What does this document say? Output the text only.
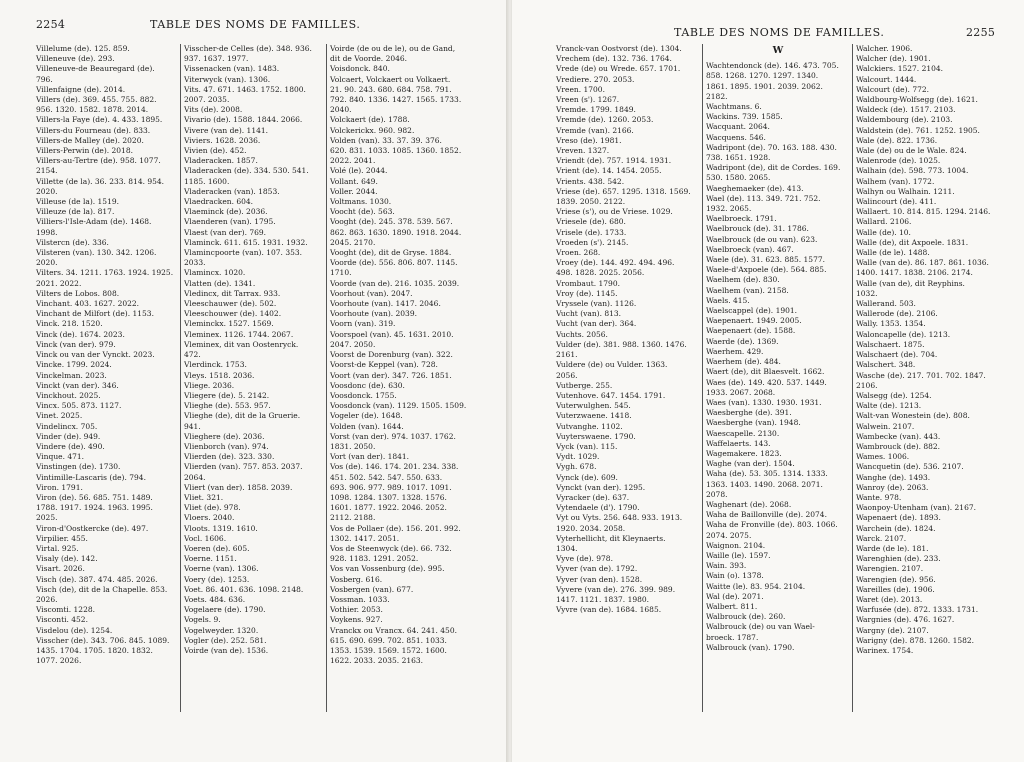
2254	TABLE DES NOMS DE FAMILLES.
Villelume (de). 125. 859.
Villeneuve (de). 293.
Villeneuve-de Beauregard (de).
796.
Villenfaigne (de). 2014.
Villers (de). 369. 455. 755. 882.
956. 1320. 1582. 1878. 2014.
Villers-la Faye (de). 4. 433. 1895.
Villers-du Fourneau (de). 833.
Villers-de Malley (de). 2020.
Villers-Perwin (de). 2018.
Villers-au-Tertre (de). 958. 1077.
2154.
Villette (de la). 36. 233. 814. 954.
2020.
Villeuse (de la). 1519.
Villeuze (de la). 817.
Villiers-l'Isle-Adam (de). 1468.
1998.
Vilstercn (de). 336.
Vilsteren (van). 130. 342. 1206.
2020.
Vilters. 34. 1211. 1763. 1924. 1925.
2021. 2022.
Vilters de Lobos. 808.
Vinchant. 403. 1627. 2022.
Vinchant de Milfort (de). 1153.
Vinck. 218. 1520.
Vinck (de). 1674. 2023.
Vinck (van der). 979.
Vinck ou van der Vynckt. 2023.
Vincke. 1799. 2024.
Vinckelman. 2023.
Vinckt (van der). 346.
Vinckhout. 2025.
Vincx. 505. 873. 1127.
Vinet. 2025.
Vindelincx. 705.
Vinder (de). 949.
Vindere (de). 490.
Vinque. 471.
Vinstingen (de). 1730.
Vintimille-Lascaris (de). 794.
Viron. 1791.
Viron (de). 56. 685. 751. 1489.
1788. 1917. 1924. 1963. 1995.
2025.
Viron-d'Oostkercke (de). 497.
Virpilier. 455.
Virtal. 925.
Visaly (de). 142.
Visart. 2026.
Visch (de). 387. 474. 485. 2026.
Visch (de), dit de la Chapelle. 853.
2026.
Viscomti. 1228.
Visconti. 452.
Visdelou (de). 1254.
Visscher (de). 343. 706. 845. 1089.
1435. 1704. 1705. 1820. 1832.
1077. 2026.
Visscher-de Celles (de). 348. 936.
937. 1637. 1977.
Vissenacken (van). 1483.
Viterwyck (van). 1306.
Vits. 47. 671. 1463. 1752. 1800.
2007. 2035.
Vits (de). 2008.
Vivario (de). 1588. 1844. 2066.
Vivere (van de). 1141.
Viviers. 1628. 2036.
Vivien (de). 452.
Vladeracken. 1857.
Vladeracken (de). 334. 530. 541.
1185. 1600.
Vladeracken (van). 1853.
Vlaedracken. 604.
Vlaeminck (de). 2036.
Vlaenderen (van). 1795.
Vlaest (van der). 769.
Vlaminck. 611. 615. 1931. 1932.
Vlamincpoorte (van). 107. 353.
2033.
Vlamincx. 1020.
Vlatten (de). 1341.
Vledincx, dit Tarrax. 933.
Vleeschauwer (de). 502.
Vleeschouwer (de). 1402.
Vleminckx. 1527. 1569.
Vleminex. 1126. 1744. 2067.
Vleminex, dit van Oostenryck.
472.
Vlerdinck. 1753.
Vleys. 1518. 2036.
Vliege. 2036.
Vliegere (de). 5. 2142.
Vlieghe (de). 553. 957.
Vlieghe (de), dit de la Gruerie.
941.
Vlieghere (de). 2036.
Vlienborch (van). 974.
Vlierden (de). 323. 330.
Vlierden (van). 757. 853. 2037.
2064.
Vliert (van der). 1858. 2039.
Vliet. 321.
Vliet (de). 978.
Vloers. 2040.
Vloots. 1319. 1610.
Vocl. 1606.
Voeren (de). 605.
Voerne. 1151.
Voerne (van). 1306.
Voery (de). 1253.
Voet. 86. 401. 636. 1098. 2148.
Voets. 484. 636.
Vogelaere (de). 1790.
Vogels. 9.
Vogelweyder. 1320.
Vogler (de). 252. 581.
Voirde (van de). 1536.
Voirde (de ou de le), ou de Gand,
dit de Voorde. 2046.
Voisdonck. 840.
Volcaert, Volckaert ou Volkaert.
21. 90. 243. 680. 684. 758. 791.
792. 840. 1336. 1427. 1565. 1733.
2040.
Volckaert (de). 1788.
Volckerickx. 960. 982.
Volden (van). 33. 37. 39. 376.
620. 831. 1033. 1085. 1360. 1852.
2022. 2041.
Volé (le). 2044.
Vollant. 649.
Voller. 2044.
Voltmans. 1030.
Voocht (de). 563.
Vooght (de). 245. 378. 539. 567.
862. 863. 1630. 1890. 1918. 2044.
2045. 2170.
Vooght (de), dit de Gryse. 1884.
Voorde (de). 556. 806. 807. 1145.
1710.
Voorde (van de). 216. 1035. 2039.
Voorhout (van). 2047.
Voorhoute (van). 1417. 2046.
Voorhoute (van). 2039.
Voorn (van). 319.
Voorspoel (van). 45. 1631. 2010.
2047. 2050.
Voorst de Dorenburg (van). 322.
Voorst-de Keppel (van). 728.
Voort (van der). 347. 726. 1851.
Voosdonc (de). 630.
Voosdonck. 1755.
Voosdonck (van). 1129. 1505. 1509.
Vogeler (de). 1648.
Volden (van). 1644.
Vorst (van der). 974. 1037. 1762.
1831. 2050.
Vort (van der). 1841.
Vos (de). 146. 174. 201. 234. 338.
451. 502. 542. 547. 550. 633.
693. 906. 977. 989. 1017. 1091.
1098. 1284. 1307. 1328. 1576.
1601. 1877. 1922. 2046. 2052.
2112. 2188.
Vos de Pollaer (de). 156. 201. 992.
1302. 1417. 2051.
Vos de Steenwyck (de). 66. 732.
928. 1183. 1291. 2052.
Vos van Vossenburg (de). 995.
Vosberg. 616.
Vosbergen (van). 677.
Vossman. 1033.
Vothier. 2053.
Voykens. 927.
Vranckx ou Vrancx. 64. 241. 450.
615. 690. 699. 702. 851. 1033.
1353. 1539. 1569. 1572. 1600.
1622. 2033. 2035. 2163.
TABLE DES NOMS DE FAMILLES.	2255
Vranck-van Oostvorst (de). 1304.
Vrechem (de). 132. 736. 1764.
Vrede (de) ou Wrede. 657. 1701.
Vrediere. 270. 2053.
Vreen. 1700.
Vreen (s'). 1267.
Vremde. 1799. 1849.
Vremde (de). 1260. 2053.
Vremde (van). 2166.
Vreso (de). 1981.
Vreven. 1327.
Vriendt (de). 757. 1914. 1931.
Vrient (de). 14. 1454. 2055.
Vrients. 438. 542.
Vriese (de). 657. 1295. 1318. 1569.
1839. 2050. 2122.
Vriese (s'), ou de Vriese. 1029.
Vriesele (de). 680.
Vrisele (de). 1733.
Vroeden (s'). 2145.
Vroen. 268.
Vroey (de). 144. 492. 494. 496.
498. 1828. 2025. 2056.
Vrombaut. 1790.
Vroy (de). 1145.
Vryssele (van). 1126.
Vucht (van). 813.
Vucht (van der). 364.
Vuchts. 2056.
Vulder (de). 381. 988. 1360. 1476.
2161.
Vuldere (de) ou Vulder. 1363.
2056.
Vutberge. 255.
Vutenhove. 647. 1454. 1791.
Vuterwulghen. 545.
Vuterzwaene. 1418.
Vutvanghe. 1102.
Vuyterswaene. 1790.
Vyck (van). 115.
Vydt. 1029.
Vygh. 678.
Vynck (de). 609.
Vynckt (van der). 1295.
Vyracker (de). 637.
Vytendaele (d'). 1790.
Vyt ou Vyts. 256. 648. 933. 1913.
1920. 2034. 2058.
Vyterhellicht, dit Kleynaerts.
1304.
Vyve (de). 978.
Vyver (van de). 1792.
Vyver (van den). 1528.
Vyvere (van de). 276. 399. 989.
1417. 1121. 1837. 1980.
Vyvre (van de). 1684. 1685.
W
Wachtendonck (de). 146. 473. 705.
858. 1268. 1270. 1297. 1340.
1861. 1895. 1901. 2039. 2062.
2182.
Wachtmans. 6.
Wackins. 739. 1585.
Wacquant. 2064.
Wacquens. 546.
Wadripont (de). 70. 163. 188. 430.
738. 1651. 1928.
Wadripont (de), dit de Cordes. 169.
530. 1580. 2065.
Waeghemaeker (de). 413.
Wael (de). 113. 349. 721. 752.
1932. 2065.
Waelbroeck. 1791.
Waelbrouck (de). 31. 1786.
Waelbrouck (de ou van). 623.
Waelbroeck (van). 467.
Waele (de). 31. 623. 885. 1577.
Waele-d'Axpoele (de). 564. 885.
Waelhem (de). 830.
Waelhem (van). 2158.
Waels. 415.
Waelscappel (de). 1901.
Waepenaert. 1949. 2005.
Waepenaert (de). 1588.
Waerde (de). 1369.
Waerhem. 429.
Waerhem (de). 484.
Waert (de), dit Blaesvelt. 1662.
Waes (de). 149. 420. 537. 1449.
1933. 2067. 2068.
Waes (van). 1330. 1930. 1931.
Waesberghe (de). 391.
Waesberghe (van). 1948.
Waescapelle. 2130.
Waffelaerts. 143.
Wagemakere. 1823.
Waghe (van der). 1504.
Waha (de). 53. 305. 1314. 1333.
1363. 1403. 1490. 2068. 2071.
2078.
Waghenart (de). 2068.
Waha de Baillonville (de). 2074.
Waha de Fronville (de). 803. 1066.
2074. 2075.
Waignon. 2104.
Waille (le). 1597.
Wain. 393.
Wain (o). 1378.
Waitte (le). 83. 954. 2104.
Wal (de). 2071.
Walbert. 811.
Walbrouck (de). 260.
Walbrouck (de) ou van Wael-
broeck. 1787.
Walbrouck (van). 1790.
Walcher. 1906.
Walcher (de). 1901.
Walckiers. 1527. 2104.
Walcourt. 1444.
Walcourt (de). 772.
Waldbourg-Wolfsegg (de). 1621.
Waldeck (de). 1517. 2103.
Waldembourg (de). 2103.
Waldstein (de). 761. 1252. 1905.
Wale (de). 822. 1736.
Wale (de) ou de le Wale. 824.
Walenrode (de). 1025.
Walhain (de). 598. 773. 1004.
Walhem (van). 1772.
Walhyn ou Walhain. 1211.
Walincourt (de). 411.
Wallaert. 10. 814. 815. 1294. 2146.
Wallard. 2106.
Walle (de). 10.
Walle (de), dit Axpoele. 1831.
Walle (de le). 1488.
Walle (van de). 86. 187. 861. 1036.
1400. 1417. 1838. 2106. 2174.
Walle (van de), dit Reyphins.
1032.
Wallerand. 503.
Wallerode (de). 2106.
Wally. 1353. 1354.
Waloncapelle (de). 1213.
Walschaert. 1875.
Walschaert (de). 704.
Walschert. 348.
Wasche (de). 217. 701. 702. 1847.
2106.
Walsegg (de). 1254.
Walte (de). 1213.
Walt-van Wonestein (de). 808.
Walwein. 2107.
Wambecke (van). 443.
Wambrouck (de). 882.
Wames. 1006.
Wancquetin (de). 536. 2107.
Wanghe (de). 1493.
Wanroy (de). 2063.
Wante. 978.
Waonpoy-Utenham (van). 2167.
Wapenaert (de). 1893.
Warchein (de). 1824.
Warck. 2107.
Warde (de le). 181.
Warenghien (de). 233.
Warengien. 2107.
Warengien (de). 956.
Wareilles (de). 1906.
Waret (de). 2013.
Warfusée (de). 872. 1333. 1731.
Wargnies (de). 476. 1627.
Wargny (de). 2107.
Warigny (de). 878. 1260. 1582.
Warinex. 1754.
